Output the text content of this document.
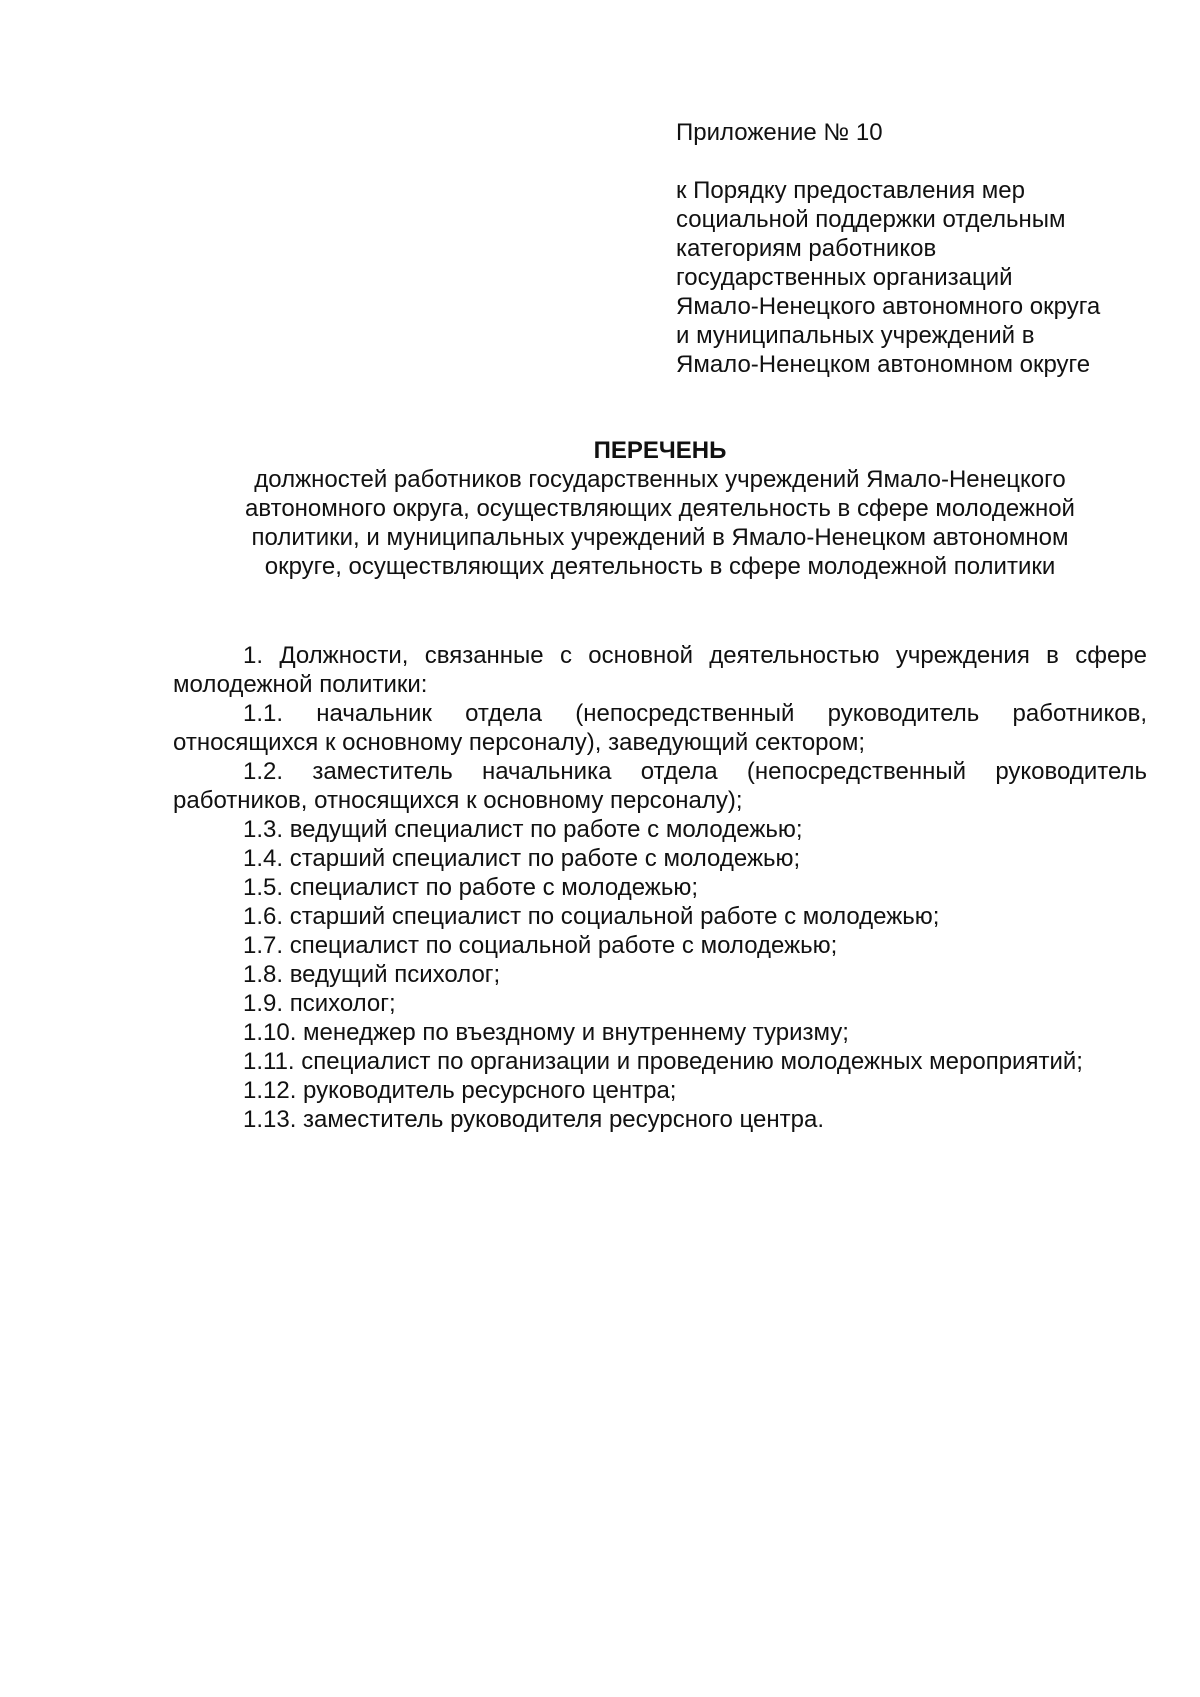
Приложение № 10
к Порядку предоставления мер
социальной поддержки отдельным
категориям работников
государственных организаций
Ямало-Ненецкого автономного округа
и муниципальных учреждений в
Ямало-Ненецком автономном округе
ПЕРЕЧЕНЬ
должностей работников государственных учреждений Ямало-Ненецкого
автономного округа, осуществляющих деятельность в сфере молодежной
политики, и муниципальных учреждений в Ямало-Ненецком автономном
округе, осуществляющих деятельность в сфере молодежной политики

1. Должности, связанные с основной деятельностью учреждения в сфере молодежной политики:

1.1. начальник отдела (непосредственный руководитель работников, относящихся к основному персоналу), заведующий сектором;

1.2. заместитель начальника отдела (непосредственный руководитель работников, относящихся к основному персоналу);

1.3. ведущий специалист по работе с молодежью;

1.4. старший специалист по работе с молодежью;

1.5. специалист по работе с молодежью;

1.6. старший специалист по социальной работе с молодежью;

1.7. специалист по социальной работе с молодежью;

1.8. ведущий психолог;

1.9. психолог;

1.10. менеджер по въездному и внутреннему туризму;

1.11. специалист по организации и проведению молодежных мероприятий;

1.12. руководитель ресурсного центра;

1.13. заместитель руководителя ресурсного центра.
